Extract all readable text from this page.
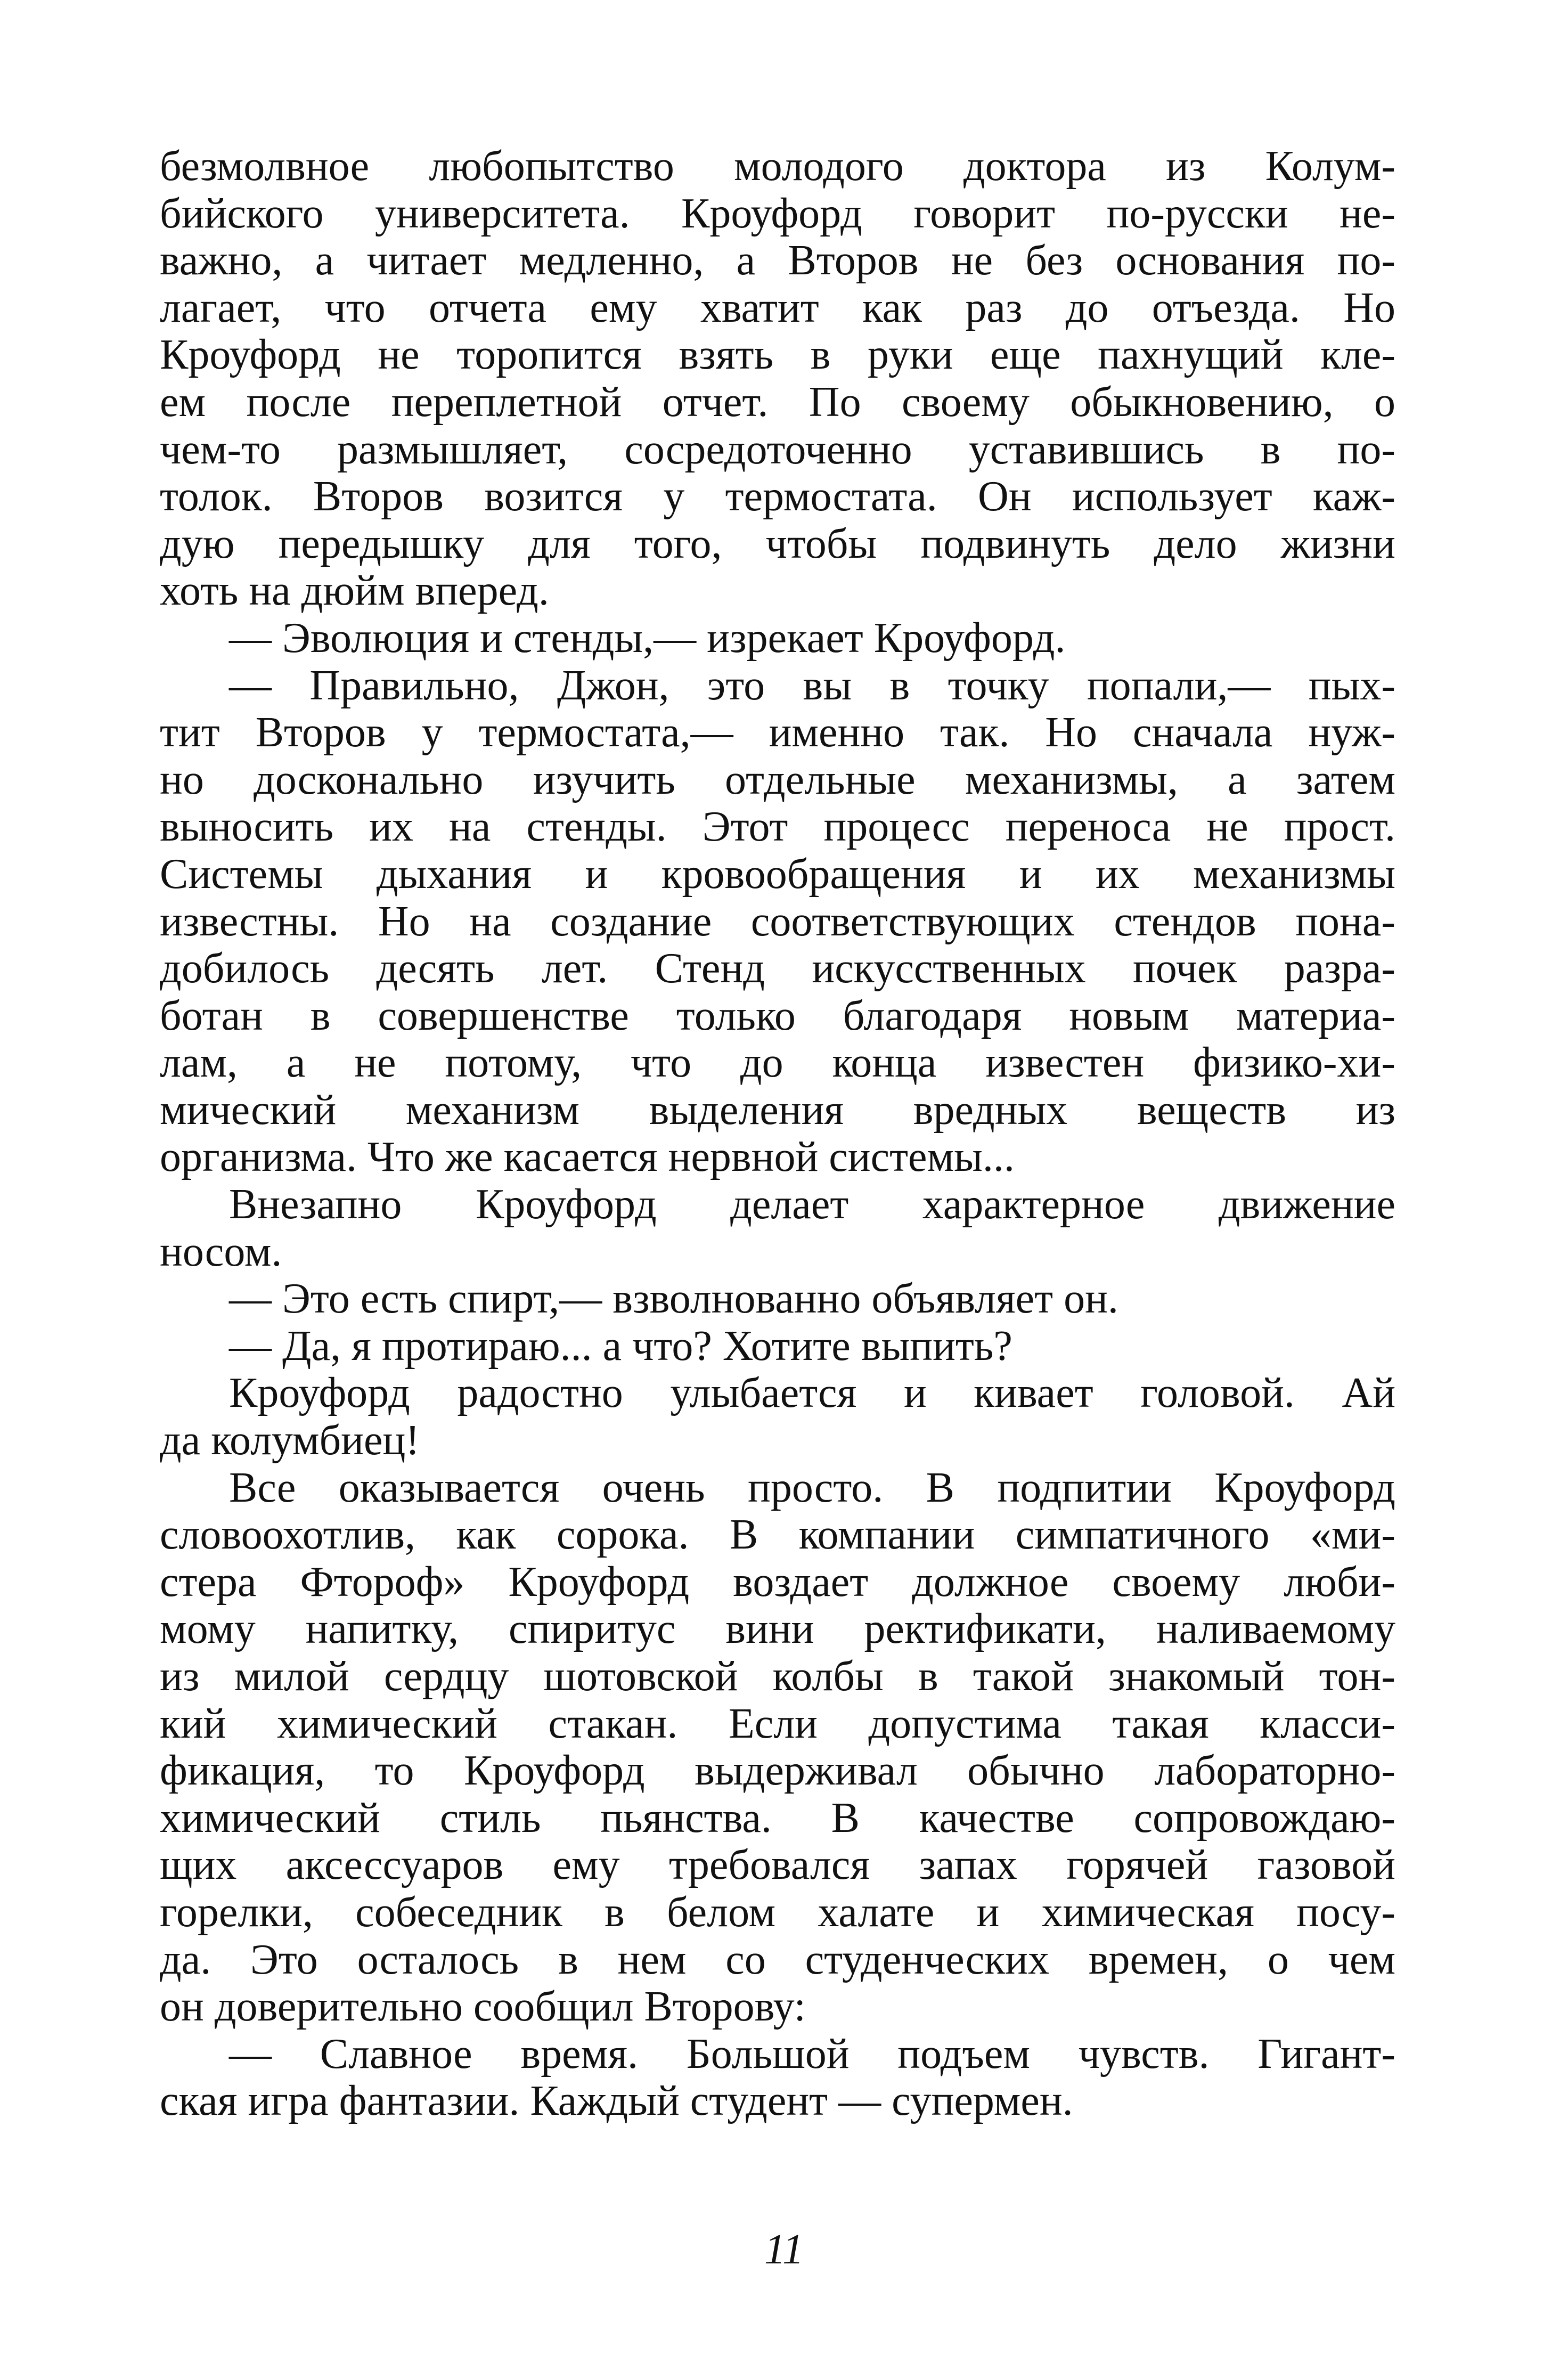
безмолвное любопытство молодого доктора из Колум-
бийского университета. Кроуфорд говорит по-русски не-
важно, а читает медленно, а Второв не без основания по-
лагает, что отчета ему хватит как раз до отъезда. Но
Кроуфорд не торопится взять в руки еще пахнущий кле-
ем после переплетной отчет. По своему обыкновению, о
чем-то размышляет, сосредоточенно уставившись в по-
толок. Второв возится у термостата. Он использует каж-
дую передышку для того, чтобы подвинуть дело жизни
хоть на дюйм вперед.
— Эволюция и стенды,— изрекает Кроуфорд.
— Правильно, Джон, это вы в точку попали,— пых-
тит Второв у термостата,— именно так. Но сначала нуж-
но досконально изучить отдельные механизмы, а затем
выносить их на стенды. Этот процесс переноса не прост.
Системы дыхания и кровообращения и их механизмы
известны. Но на создание соответствующих стендов пона-
добилось десять лет. Стенд искусственных почек разра-
ботан в совершенстве только благодаря новым материа-
лам, а не потому, что до конца известен физико-хи-
мический механизм выделения вредных веществ из
организма. Что же касается нервной системы...
Внезапно Кроуфорд делает характерное движение
носом.
— Это есть спирт,— взволнованно объявляет он.
— Да, я протираю... а что? Хотите выпить?
Кроуфорд радостно улыбается и кивает головой. Ай
да колумбиец!
Все оказывается очень просто. В подпитии Кроуфорд
словоохотлив, как сорока. В компании симпатичного «ми-
стера Фтороф» Кроуфорд воздает должное своему люби-
мому напитку, спиритус вини ректификати, наливаемому
из милой сердцу шотовской колбы в такой знакомый тон-
кий химический стакан. Если допустима такая класси-
фикация, то Кроуфорд выдерживал обычно лабораторно-
химический стиль пьянства. В качестве сопровождаю-
щих аксессуаров ему требовался запах горячей газовой
горелки, собеседник в белом халате и химическая посу-
да. Это осталось в нем со студенческих времен, о чем
он доверительно сообщил Второву:
— Славное время. Большой подъем чувств. Гигант-
ская игра фантазии. Каждый студент — супермен.
11
